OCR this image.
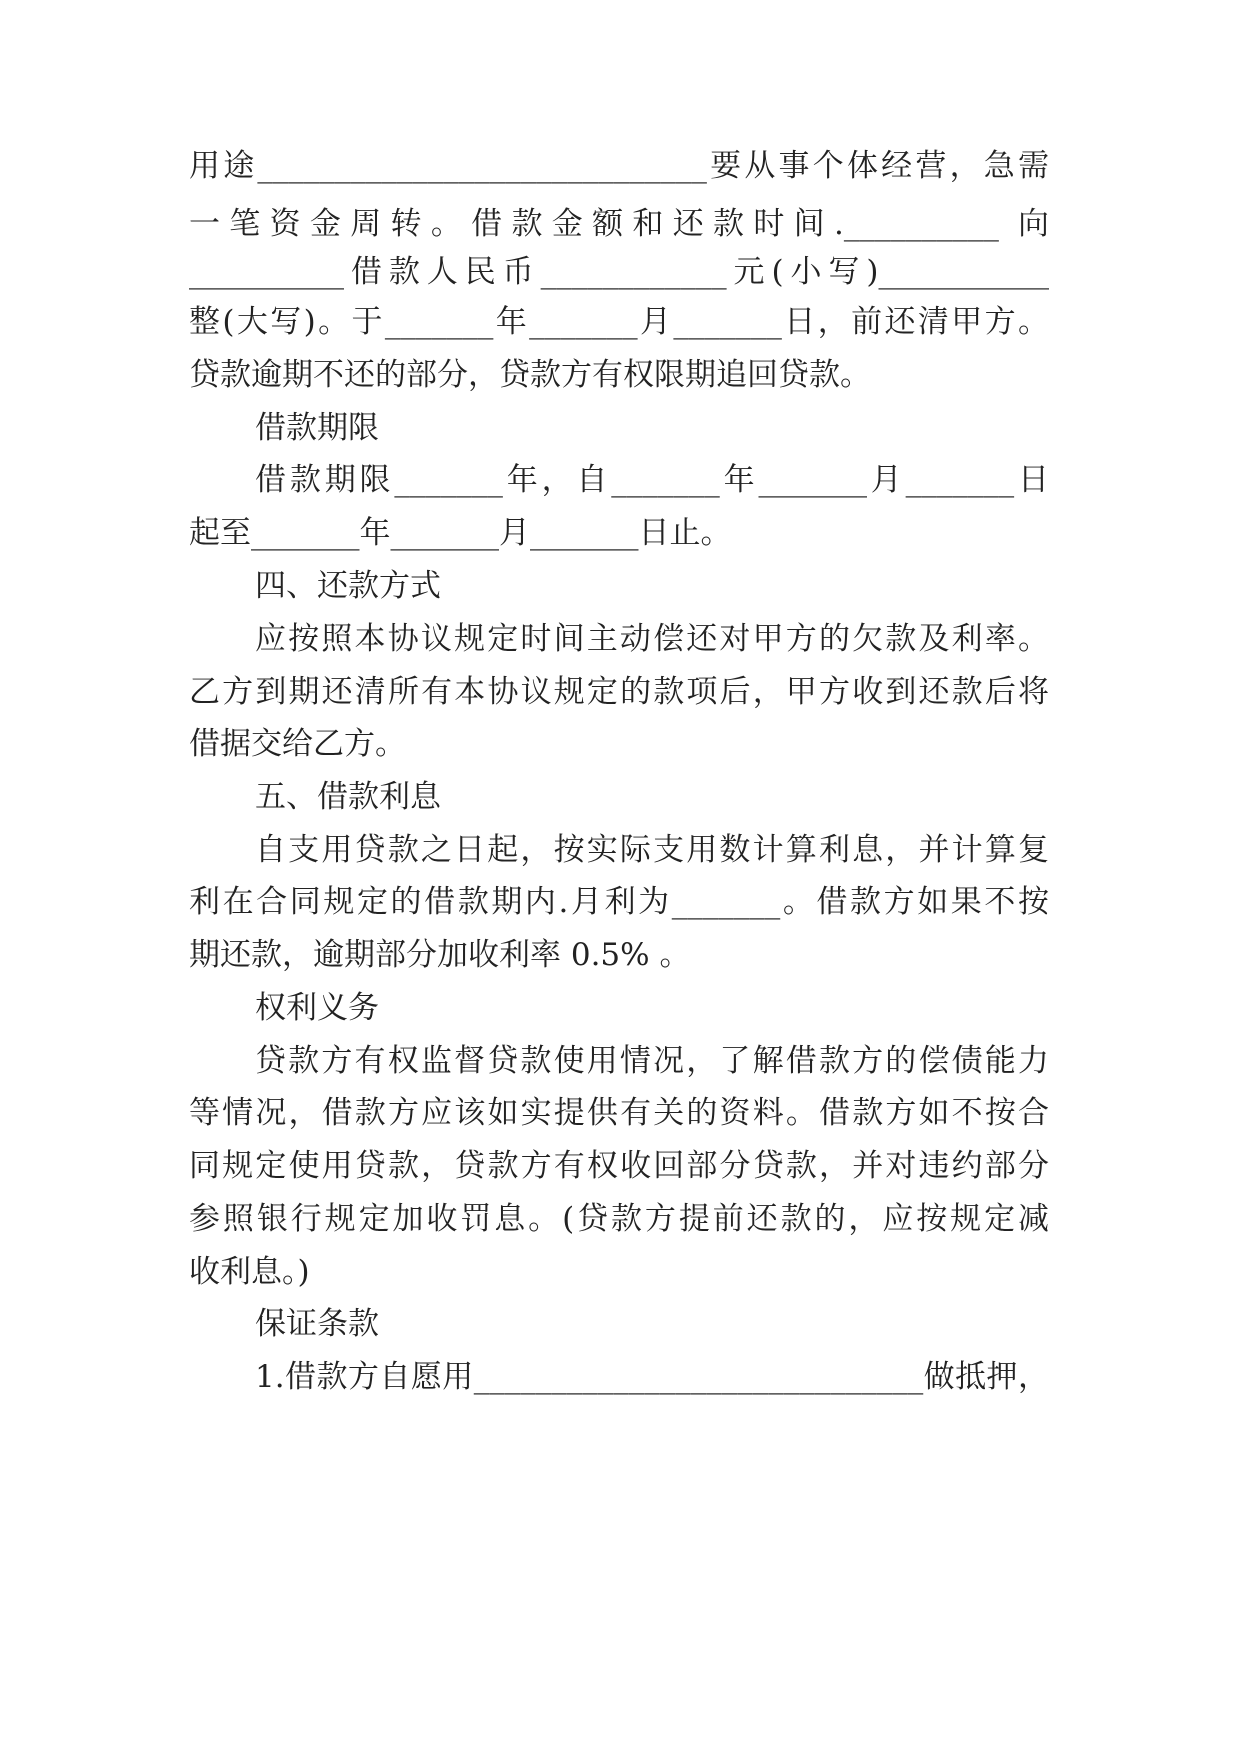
用途_____________________________要从事个体经营，急需
一笔资金周转。借款金额和还款时间.__________ 向
__________借款人民币____________元(小写)___________
整(大写)。于_______年_______月_______日，前还清甲方。
贷款逾期不还的部分，贷款方有权限期追回贷款。
借款期限
借款期限_______年，自_______年_______月_______日
起至_______年_______月_______日止。
四、还款方式
应按照本协议规定时间主动偿还对甲方的欠款及利率。
乙方到期还清所有本协议规定的款项后，甲方收到还款后将
借据交给乙方。
五、借款利息
自支用贷款之日起，按实际支用数计算利息，并计算复
利在合同规定的借款期内.月利为_______。借款方如果不按
期还款，逾期部分加收利率 0.5% 。
权利义务
贷款方有权监督贷款使用情况，了解借款方的偿债能力
等情况，借款方应该如实提供有关的资料。借款方如不按合
同规定使用贷款，贷款方有权收回部分贷款，并对违约部分
参照银行规定加收罚息。(贷款方提前还款的，应按规定减
收利息。)
保证条款
1.借款方自愿用_____________________________做抵押，
